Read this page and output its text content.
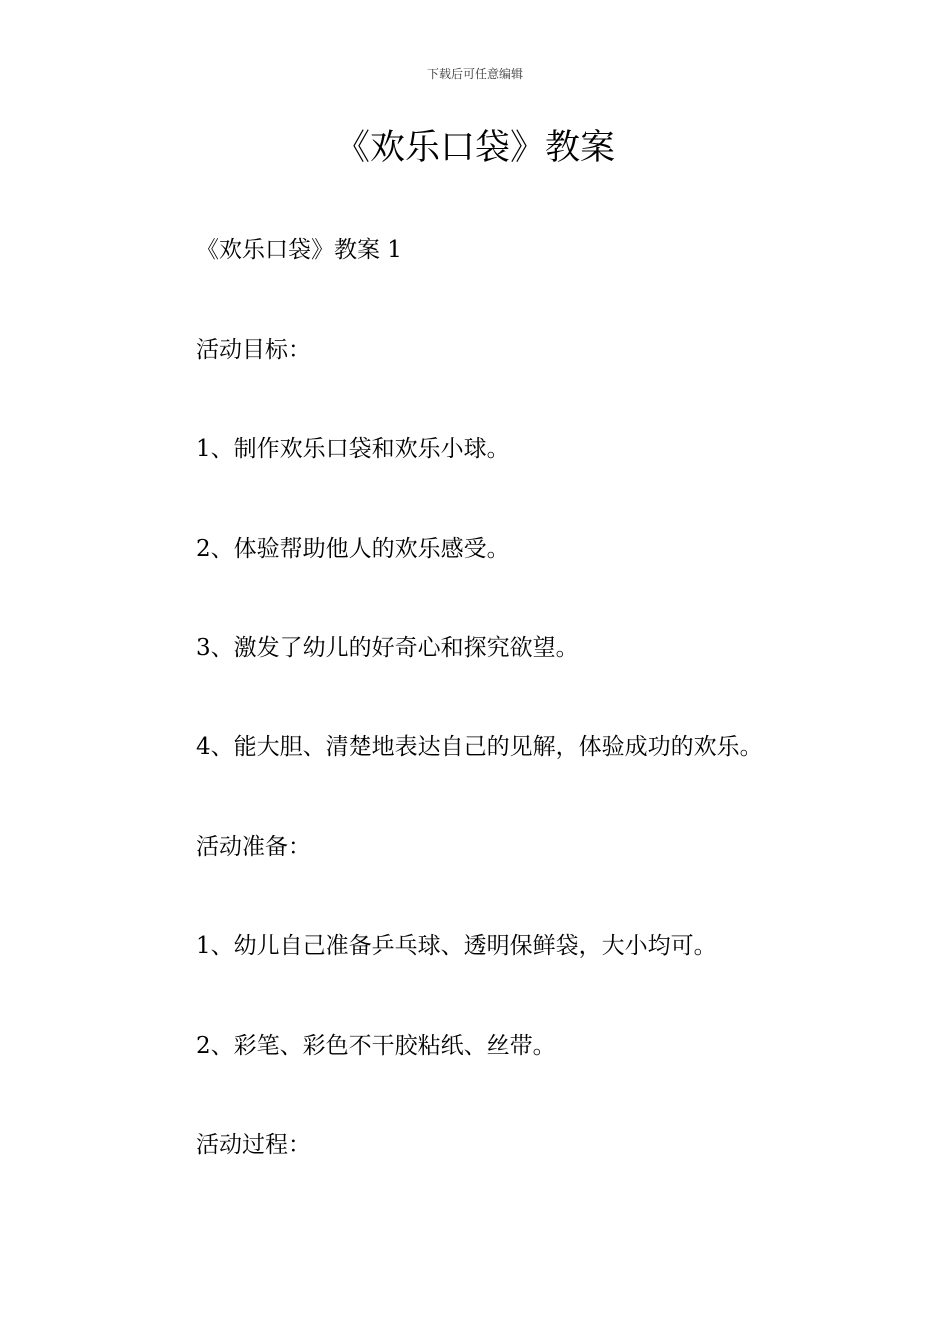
下载后可任意编辑
《欢乐口袋》教案

《欢乐口袋》教案 1

活动目标：

1、制作欢乐口袋和欢乐小球。

2、体验帮助他人的欢乐感受。

3、激发了幼儿的好奇心和探究欲望。

4、能大胆、清楚地表达自己的见解，体验成功的欢乐。

活动准备：

1、幼儿自己准备乒乓球、透明保鲜袋，大小均可。

2、彩笔、彩色不干胶粘纸、丝带。

活动过程：
